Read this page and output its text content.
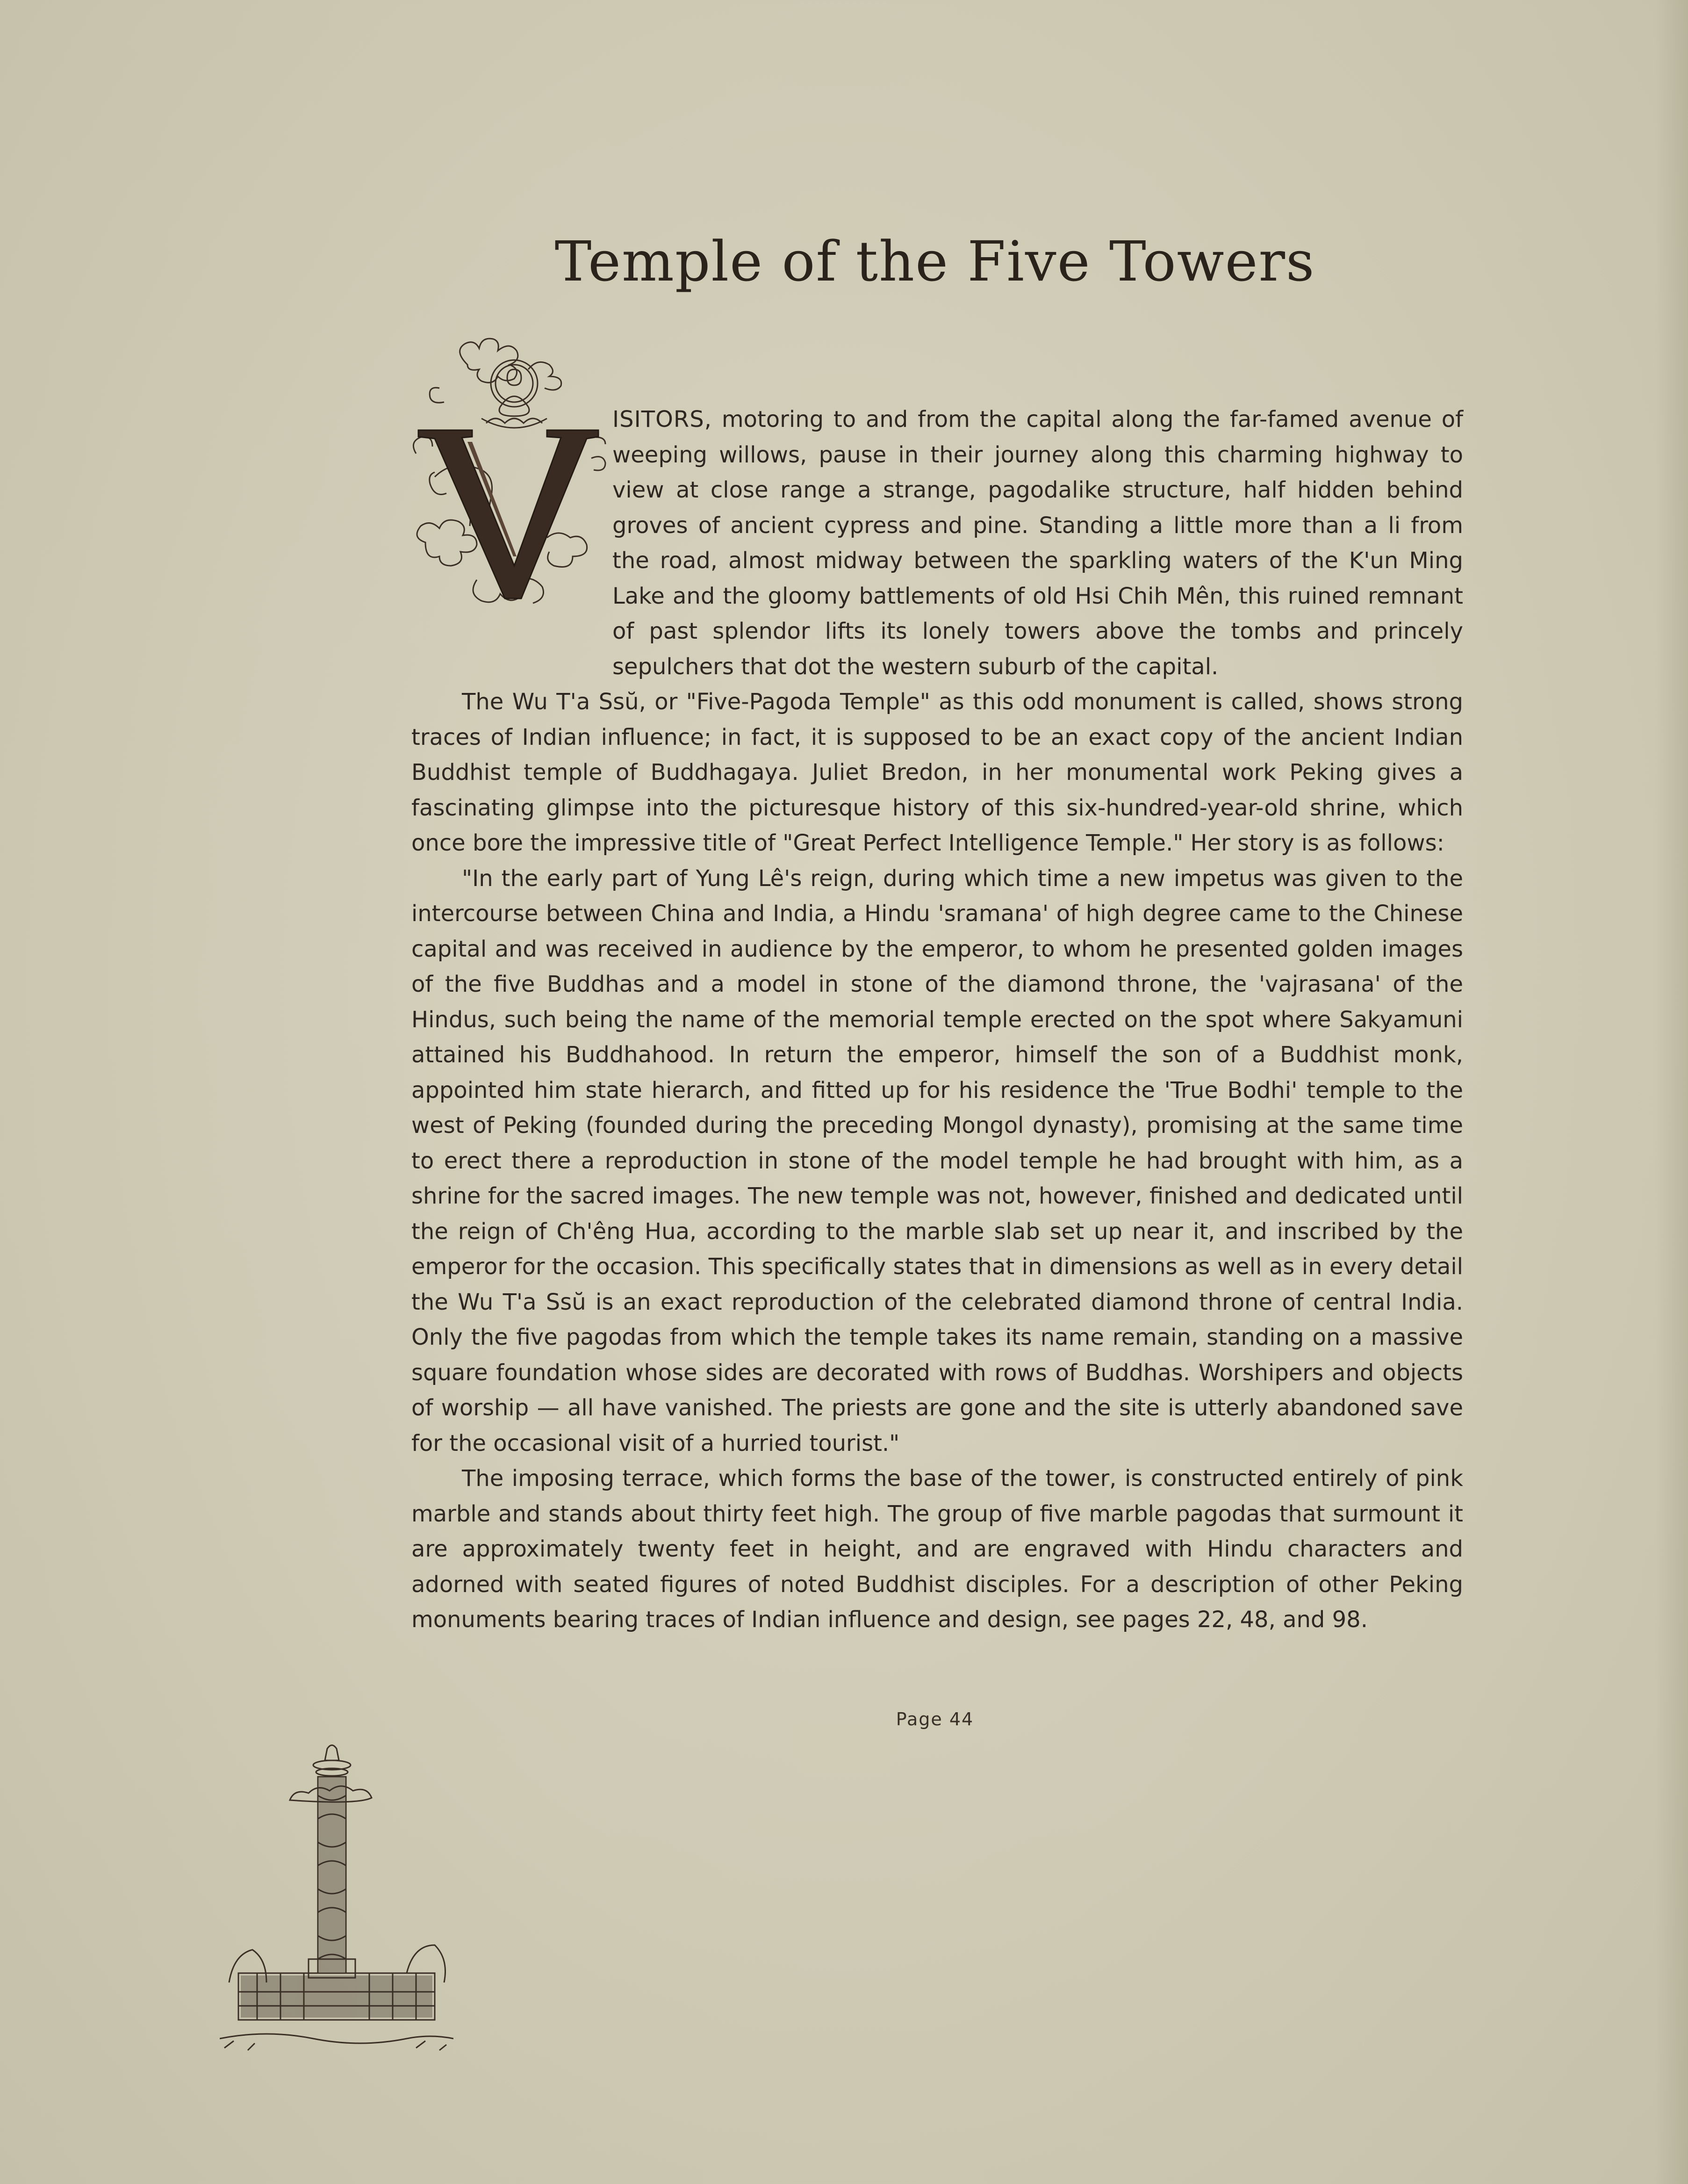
Temple of the Five Towers

ISITORS, motoring to and from the capital along the far-famed avenue of weeping willows, pause in their journey along this charming highway to view at close range a strange, pagodalike structure, half hidden behind groves of ancient cypress and pine. Standing a little more than a li from the road, almost midway between the sparkling waters of the K'un Ming Lake and the gloomy battlements of old Hsi Chih Mên, this ruined remnant of past splendor lifts its lonely towers above the tombs and princely sepulchers that dot the western suburb of the capital.

The Wu T'a Ssŭ, or "Five-Pagoda Temple" as this odd monument is called, shows strong traces of Indian influence; in fact, it is supposed to be an exact copy of the ancient Indian Buddhist temple of Buddhagaya. Juliet Bredon, in her monumental work Peking gives a fascinating glimpse into the picturesque history of this six-hundred-year-old shrine, which once bore the impressive title of "Great Perfect Intelligence Temple." Her story is as follows:

"In the early part of Yung Lê's reign, during which time a new impetus was given to the intercourse between China and India, a Hindu 'sramana' of high degree came to the Chinese capital and was received in audience by the emperor, to whom he presented golden images of the five Buddhas and a model in stone of the diamond throne, the 'vajrasana' of the Hindus, such being the name of the memorial temple erected on the spot where Sakyamuni attained his Buddhahood. In return the emperor, himself the son of a Buddhist monk, appointed him state hierarch, and fitted up for his residence the 'True Bodhi' temple to the west of Peking (founded during the preceding Mongol dynasty), promising at the same time to erect there a reproduction in stone of the model temple he had brought with him, as a shrine for the sacred images. The new temple was not, however, finished and dedicated until the reign of Ch'êng Hua, according to the marble slab set up near it, and inscribed by the emperor for the occasion. This specifically states that in dimensions as well as in every detail the Wu T'a Ssŭ is an exact reproduction of the celebrated diamond throne of central India. Only the five pagodas from which the temple takes its name remain, standing on a massive square foundation whose sides are decorated with rows of Buddhas. Worshipers and objects of worship — all have vanished. The priests are gone and the site is utterly abandoned save for the occasional visit of a hurried tourist."

The imposing terrace, which forms the base of the tower, is constructed entirely of pink marble and stands about thirty feet high. The group of five marble pagodas that surmount it are approximately twenty feet in height, and are engraved with Hindu characters and adorned with seated figures of noted Buddhist disciples. For a description of other Peking monuments bearing traces of Indian influence and design, see pages 22, 48, and 98.

Page 44
